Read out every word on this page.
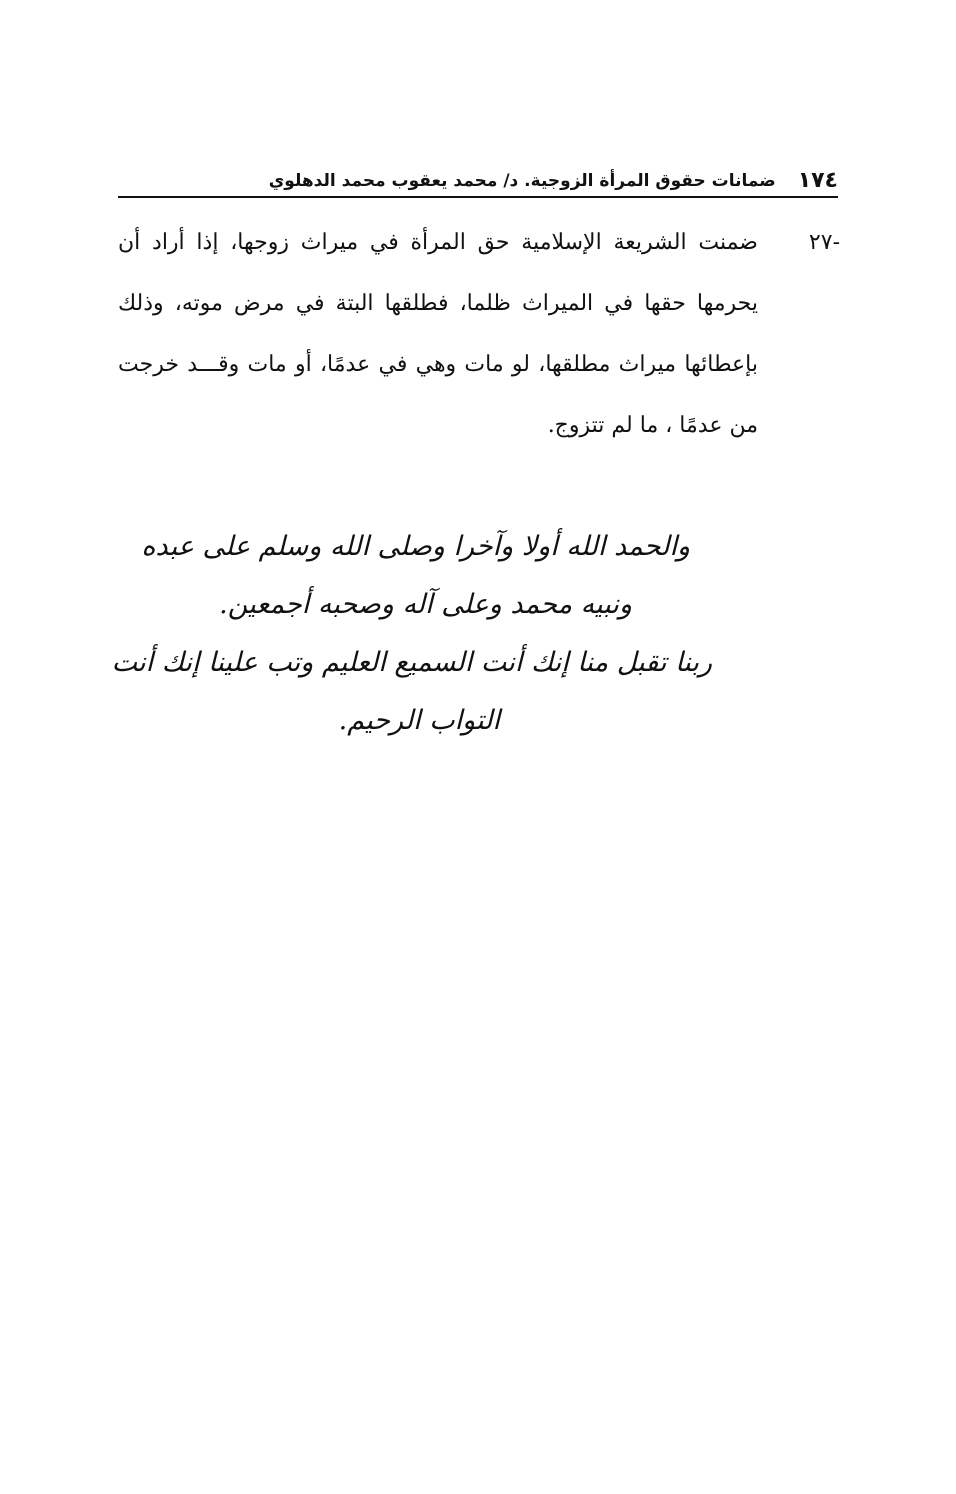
١٧٤
ضمانات حقوق المرأة الزوجية. د/ محمد يعقوب محمد الدهلوي
-٢٧
ضمنت الشريعة الإسلامية حق المرأة في ميراث زوجها، إذا أراد أن يحرمها حقها في الميراث ظلما، فطلقها البتة في مرض موته، وذلك بإعطائها ميراث مطلقها، لو مات وهي في عدمًا، أو مات وقـــد خرجت من عدمًا ، ما لم تتزوج.
والحمد الله أولا وآخرا وصلى الله وسلم على عبده
ونبيه محمد وعلى آله وصحبه أجمعين.
ربنا تقبل منا إنك أنت السميع العليم وتب علينا إنك أنت
التواب الرحيم.
